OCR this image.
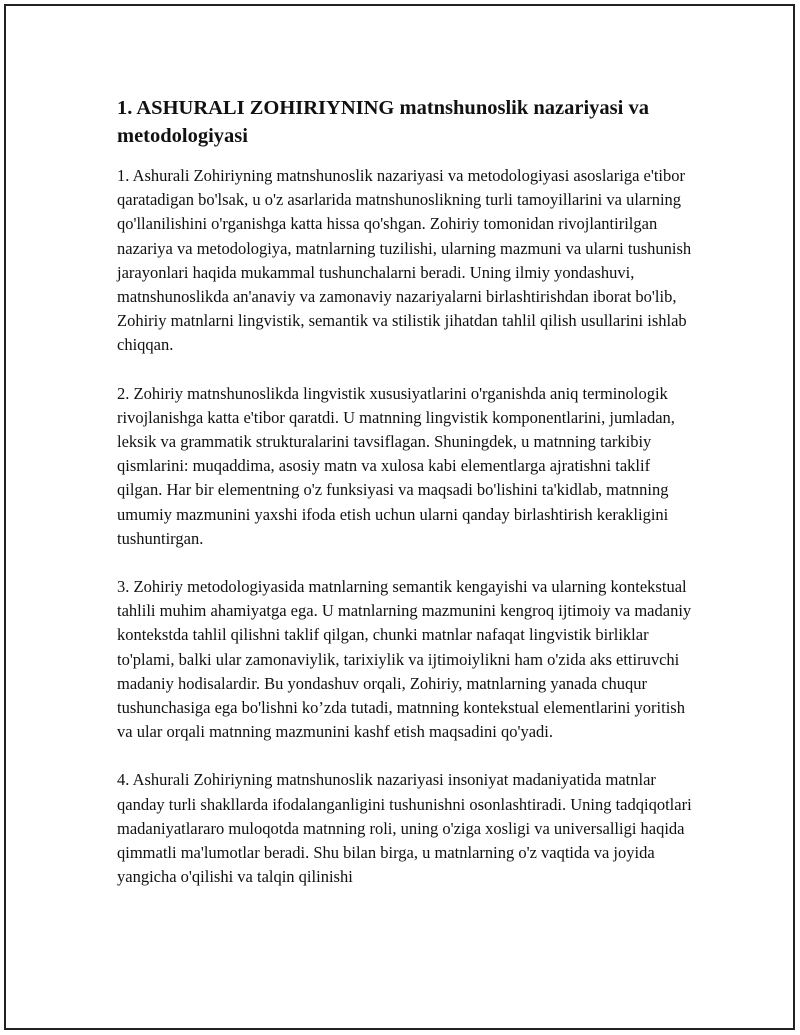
1. ASHURALI ZOHIRIYNING matnshunoslik nazariyasi va metodologiyasi

1. Ashurali Zohiriyning matnshunoslik nazariyasi va metodologiyasi asoslariga e'tibor qaratadigan bo'lsak, u o'z asarlarida matnshunoslikning turli tamoyillarini va ularning qo'llanilishini o'rganishga katta hissa qo'shgan. Zohiriy tomonidan rivojlantirilgan nazariya va metodologiya, matnlarning tuzilishi, ularning mazmuni va ularni tushunish jarayonlari haqida mukammal tushunchalarni beradi. Uning ilmiy yondashuvi, matnshunoslikda an'anaviy va zamonaviy nazariyalarni birlashtirishdan iborat bo'lib, Zohiriy matnlarni lingvistik, semantik va stilistik jihatdan tahlil qilish usullarini ishlab chiqqan.

2. Zohiriy matnshunoslikda lingvistik xususiyatlarini o'rganishda aniq terminologik rivojlanishga katta e'tibor qaratdi. U matnning lingvistik komponentlarini, jumladan, leksik va grammatik strukturalarini tavsiflagan. Shuningdek, u matnning tarkibiy qismlarini: muqaddima, asosiy matn va xulosa kabi elementlarga ajratishni taklif qilgan. Har bir elementning o'z funksiyasi va maqsadi bo'lishini ta'kidlab, matnning umumiy mazmunini yaxshi ifoda etish uchun ularni qanday birlashtirish kerakligini tushuntirgan.

3. Zohiriy metodologiyasida matnlarning semantik kengayishi va ularning kontekstual tahlili muhim ahamiyatga ega. U matnlarning mazmunini kengroq ijtimoiy va madaniy kontekstda tahlil qilishni taklif qilgan, chunki matnlar nafaqat lingvistik birliklar to'plami, balki ular zamonaviylik, tarixiylik va ijtimoiylikni ham o'zida aks ettiruvchi madaniy hodisalardir. Bu yondashuv orqali, Zohiriy, matnlarning yanada chuqur tushunchasiga ega bo'lishni ko’zda tutadi, matnning kontekstual elementlarini yoritish va ular orqali matnning mazmunini kashf etish maqsadini qo'yadi.

4. Ashurali Zohiriyning matnshunoslik nazariyasi insoniyat madaniyatida matnlar qanday turli shakllarda ifodalanganligini tushunishni osonlashtiradi. Uning tadqiqotlari madaniyatlararo muloqotda matnning roli, uning o'ziga xosligi va universalligi haqida qimmatli ma'lumotlar beradi. Shu bilan birga, u matnlarning o'z vaqtida va joyida yangicha o'qilishi va talqin qilinishi
